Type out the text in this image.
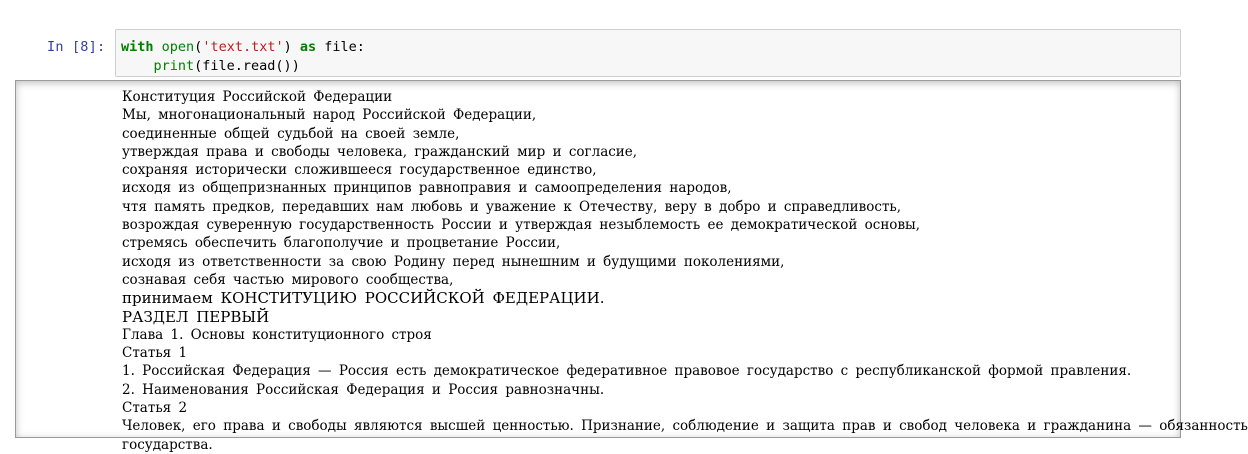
In [8]: with open('text.txt') as file:
print(file.read())
Конституция Российской Федерации
Мы, многонациональный народ Российской Федерации,
соединенные общей судьбой на своей земле,
утверждая права и свободы человека, гражданский мир и согласие,
сохраняя исторически сложившееся государственное единство,
исходя из общепризнанных принципов равноправия и самоопределения народов,
чтя память предков, передавших нам любовь и уважение к Отечеству, веру в добро и справедливость,
возрождая суверенную государственность России и утверждая незыблемость ее демократической основы,
стремясь обеспечить благополучие и процветание России,
исходя из ответственности за свою Родину перед нынешним и будущими поколениями,
сознавая себя частью мирового сообщества,
принимаем КОНСТИТУЦИЮ РОССИЙСКОЙ ФЕДЕРАЦИИ.
РАЗДЕЛ ПЕРВЫЙ
Глава 1. Основы конституционного строя
Статья 1
1. Российская Федерация — Россия есть демократическое федеративное правовое государство с республиканской формой правления.
2. Наименования Российская Федерация и Россия равнозначны.
Статья 2
Человек, его права и свободы являются высшей ценностью. Признание, соблюдение и защита прав и свобод человека и гражданина — обязанность
государства.
